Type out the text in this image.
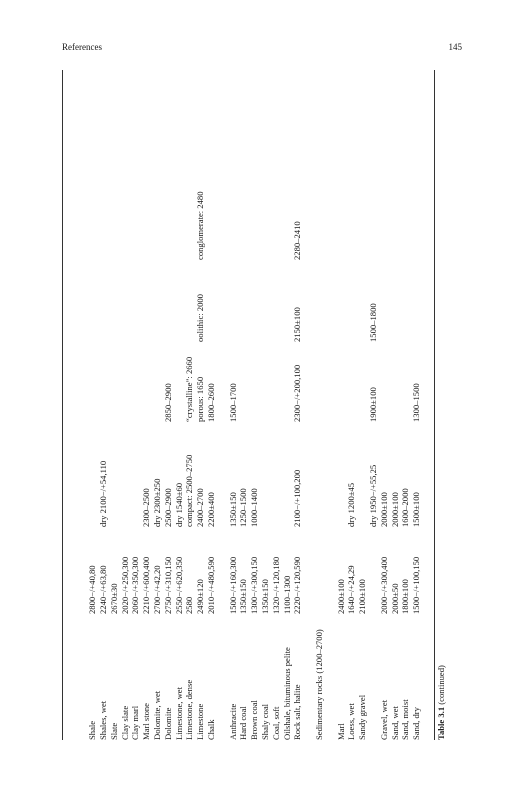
References	145
Table 3.1 (continued)
Sand, dry
1500−/+100,150
1500±100
1300–1500
Sand, moist
1800±100
1600–2000
Sand, wet
2000±50
2000±100
Gravel, wet
2000−/+300,400
2000±100
dry 1950−/+55,25
1900±100
1500–1800
Sandy gravel
2100±100
Loess, wet
1640−/+24,29
dry 1200±45
Marl
2400±100
Sedimentary rocks (1200–2700)
Rock salt, halite
2220−/+120,590
2100−/+100,200
2300−/+200,100
2150±100
2280–2410
Oilshale, bituminous pelite
1100–1300
Coal, soft
1320−/+120,180
Shaly coal
1350±150
Brown coal
1300−/+300,150
1000–1400
Hard coal
1350±150
1250–1500
Anthracite
1500−/+160,300
1350±150
1500–1700
Chalk
2010−/+480,590
2200±400
1800–2600
Limestone
2490±120
2400–2700
porous: 1650
oolithic: 2000
conglomerate: 2480
Limestone, dense
2580
compact: 2500–2750
“crystalline”: 2660
Limestone, wet
2550−/+620,350
dry 1540±60
Dolomite
2750−/+310,150
2500–2900
2850–2900
Dolomite, wet
2700−/+42,20
dry 2300±250
Marl stone
2210−/+600,400
2300–2500
Clay marl
2060−/+350,300
Clay slate
2020−/+250,300
Slate
2670±30
Shales, wet
2240−/+63,80
dry 2100−/+54,110
Shale
2800−/+40,80
